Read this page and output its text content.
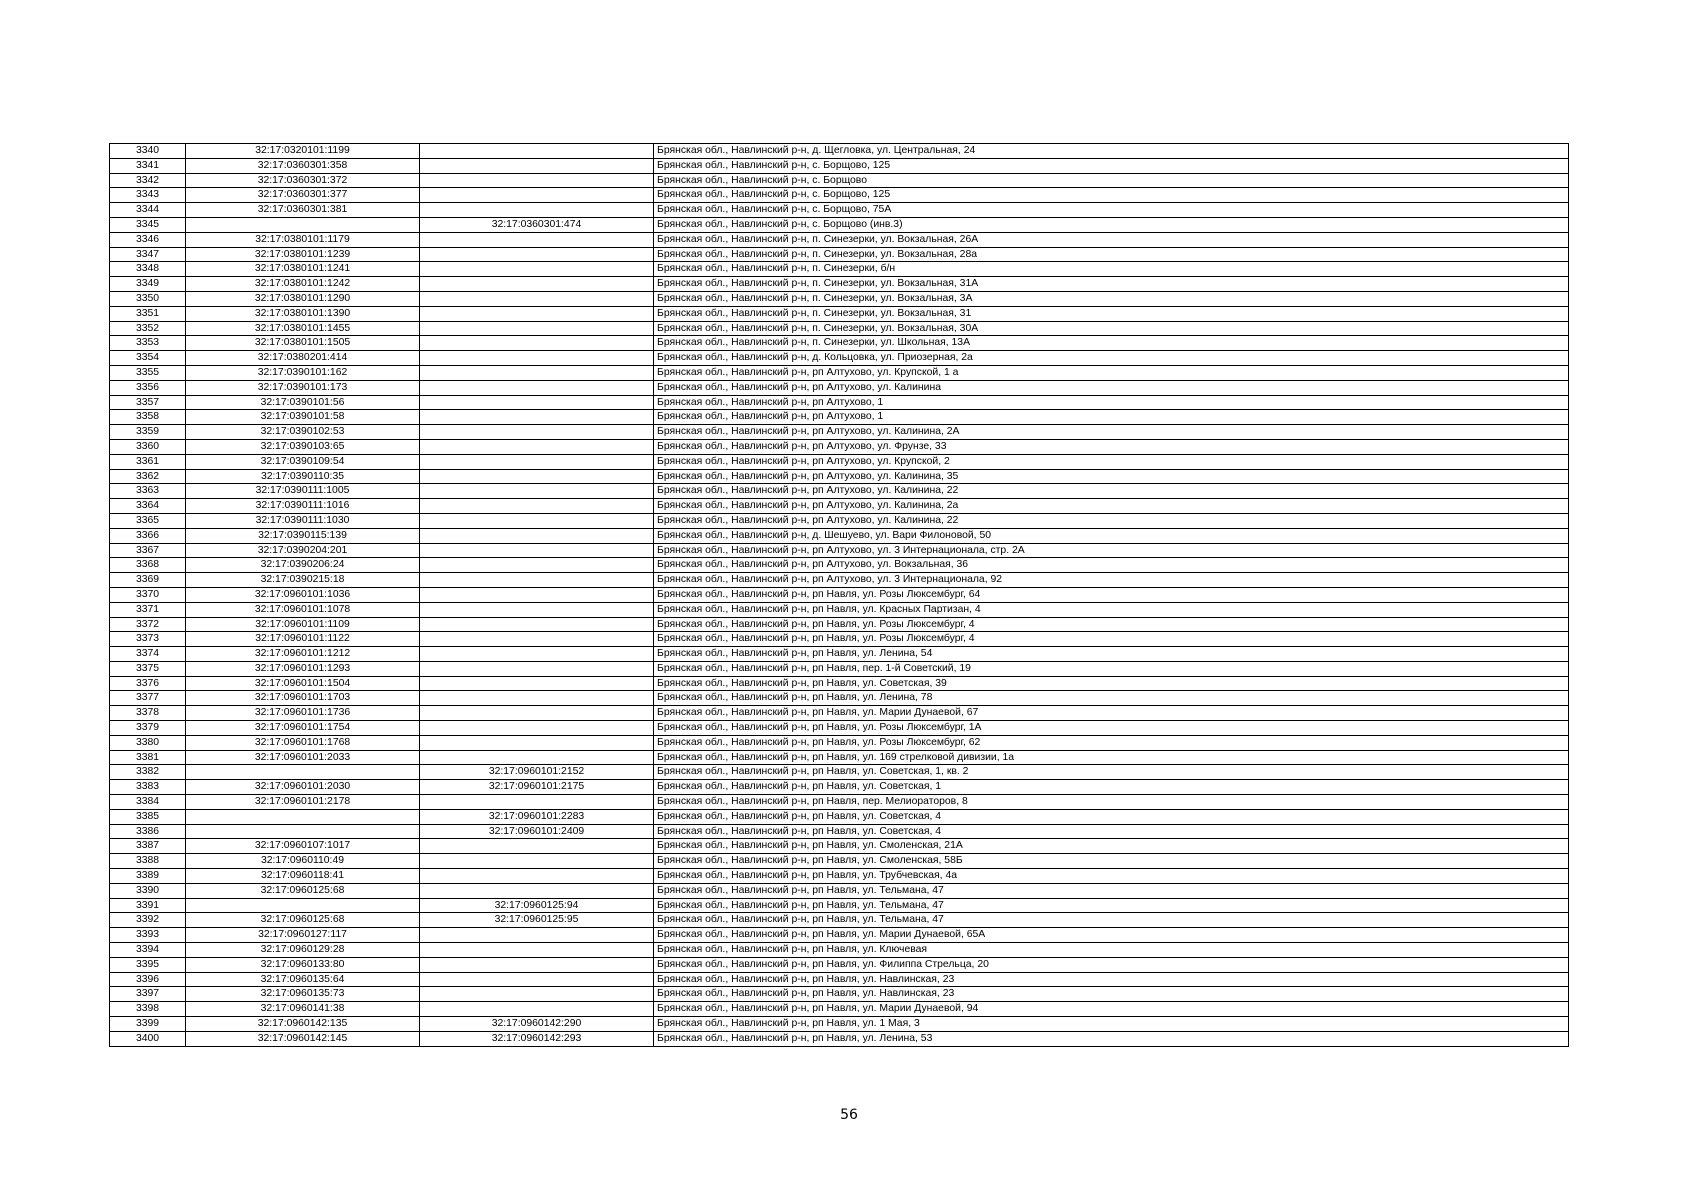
3340	32:17:0320101:1199		Брянская обл., Навлинский р-н, д. Щегловка, ул. Центральная, 24
3341	32:17:0360301:358		Брянская обл., Навлинский р-н, с. Борщово, 125
3342	32:17:0360301:372		Брянская обл., Навлинский р-н, с. Борщово
3343	32:17:0360301:377		Брянская обл., Навлинский р-н, с. Борщово, 125
3344	32:17:0360301:381		Брянская обл., Навлинский р-н, с. Борщово, 75А
3345		32:17:0360301:474	Брянская обл., Навлинский р-н, с. Борщово (инв.3)
3346	32:17:0380101:1179		Брянская обл., Навлинский р-н, п. Синезерки, ул. Вокзальная, 26А
3347	32:17:0380101:1239		Брянская обл., Навлинский р-н, п. Синезерки, ул. Вокзальная, 28а
3348	32:17:0380101:1241		Брянская обл., Навлинский р-н, п. Синезерки, б/н
3349	32:17:0380101:1242		Брянская обл., Навлинский р-н, п. Синезерки, ул. Вокзальная, 31А
3350	32:17:0380101:1290		Брянская обл., Навлинский р-н, п. Синезерки, ул. Вокзальная, 3А
3351	32:17:0380101:1390		Брянская обл., Навлинский р-н, п. Синезерки, ул. Вокзальная, 31
3352	32:17:0380101:1455		Брянская обл., Навлинский р-н, п. Синезерки, ул. Вокзальная, 30А
3353	32:17:0380101:1505		Брянская обл., Навлинский р-н, п. Синезерки, ул. Школьная, 13А
3354	32:17:0380201:414		Брянская обл., Навлинский р-н, д. Кольцовка, ул. Приозерная, 2а
3355	32:17:0390101:162		Брянская обл., Навлинский р-н, рп Алтухово, ул. Крупской, 1 а
3356	32:17:0390101:173		Брянская обл., Навлинский р-н, рп Алтухово, ул. Калинина
3357	32:17:0390101:56		Брянская обл., Навлинский р-н, рп Алтухово, 1
3358	32:17:0390101:58		Брянская обл., Навлинский р-н, рп Алтухово, 1
3359	32:17:0390102:53		Брянская обл., Навлинский р-н, рп Алтухово, ул. Калинина, 2А
3360	32:17:0390103:65		Брянская обл., Навлинский р-н, рп Алтухово, ул. Фрунзе, 33
3361	32:17:0390109:54		Брянская обл., Навлинский р-н, рп Алтухово, ул. Крупской, 2
3362	32:17:0390110:35		Брянская обл., Навлинский р-н, рп Алтухово, ул. Калинина, 35
3363	32:17:0390111:1005		Брянская обл., Навлинский р-н, рп Алтухово, ул. Калинина, 22
3364	32:17:0390111:1016		Брянская обл., Навлинский р-н, рп Алтухово, ул. Калинина, 2а
3365	32:17:0390111:1030		Брянская обл., Навлинский р-н, рп Алтухово, ул. Калинина, 22
3366	32:17:0390115:139		Брянская обл., Навлинский р-н, д. Шешуево, ул. Вари Филоновой, 50
3367	32:17:0390204:201		Брянская обл., Навлинский р-н, рп Алтухово, ул. 3 Интернационала, стр. 2А
3368	32:17:0390206:24		Брянская обл., Навлинский р-н, рп Алтухово, ул. Вокзальная, 36
3369	32:17:0390215:18		Брянская обл., Навлинский р-н, рп Алтухово, ул. 3 Интернационала, 92
3370	32:17:0960101:1036		Брянская обл., Навлинский р-н, рп Навля, ул. Розы Люксембург, 64
3371	32:17:0960101:1078		Брянская обл., Навлинский р-н, рп Навля, ул. Красных Партизан, 4
3372	32:17:0960101:1109		Брянская обл., Навлинский р-н, рп Навля, ул. Розы Люксембург, 4
3373	32:17:0960101:1122		Брянская обл., Навлинский р-н, рп Навля, ул. Розы Люксембург, 4
3374	32:17:0960101:1212		Брянская обл., Навлинский р-н, рп Навля, ул. Ленина, 54
3375	32:17:0960101:1293		Брянская обл., Навлинский р-н, рп Навля, пер. 1-й Советский, 19
3376	32:17:0960101:1504		Брянская обл., Навлинский р-н, рп Навля, ул. Советская, 39
3377	32:17:0960101:1703		Брянская обл., Навлинский р-н, рп Навля, ул. Ленина, 78
3378	32:17:0960101:1736		Брянская обл., Навлинский р-н, рп Навля, ул. Марии Дунаевой, 67
3379	32:17:0960101:1754		Брянская обл., Навлинский р-н, рп Навля, ул. Розы Люксембург, 1А
3380	32:17:0960101:1768		Брянская обл., Навлинский р-н, рп Навля, ул. Розы Люксембург, 62
3381	32:17:0960101:2033		Брянская обл., Навлинский р-н, рп Навля, ул. 169 стрелковой дивизии, 1а
3382		32:17:0960101:2152	Брянская обл., Навлинский р-н, рп Навля, ул. Советская, 1, кв. 2
3383	32:17:0960101:2030	32:17:0960101:2175	Брянская обл., Навлинский р-н, рп Навля, ул. Советская, 1
3384	32:17:0960101:2178		Брянская обл., Навлинский р-н, рп Навля, пер. Мелиораторов, 8
3385		32:17:0960101:2283	Брянская обл., Навлинский р-н, рп Навля, ул. Советская, 4
3386		32:17:0960101:2409	Брянская обл., Навлинский р-н, рп Навля, ул. Советская, 4
3387	32:17:0960107:1017		Брянская обл., Навлинский р-н, рп Навля, ул. Смоленская, 21А
3388	32:17:0960110:49		Брянская обл., Навлинский р-н, рп Навля, ул. Смоленская, 58Б
3389	32:17:0960118:41		Брянская обл., Навлинский р-н, рп Навля, ул. Трубчевская, 4а
3390	32:17:0960125:68		Брянская обл., Навлинский р-н, рп Навля, ул. Тельмана, 47
3391		32:17:0960125:94	Брянская обл., Навлинский р-н, рп Навля, ул. Тельмана, 47
3392	32:17:0960125:68	32:17:0960125:95	Брянская обл., Навлинский р-н, рп Навля, ул. Тельмана, 47
3393	32:17:0960127:117		Брянская обл., Навлинский р-н, рп Навля, ул. Марии Дунаевой, 65А
3394	32:17:0960129:28		Брянская обл., Навлинский р-н, рп Навля, ул. Ключевая
3395	32:17:0960133:80		Брянская обл., Навлинский р-н, рп Навля, ул. Филиппа Стрельца, 20
3396	32:17:0960135:64		Брянская обл., Навлинский р-н, рп Навля, ул. Навлинская, 23
3397	32:17:0960135:73		Брянская обл., Навлинский р-н, рп Навля, ул. Навлинская, 23
3398	32:17:0960141:38		Брянская обл., Навлинский р-н, рп Навля, ул. Марии Дунаевой, 94
3399	32:17:0960142:135	32:17:0960142:290	Брянская обл., Навлинский р-н, рп Навля, ул. 1 Мая, 3
3400	32:17:0960142:145	32:17:0960142:293	Брянская обл., Навлинский р-н, рп Навля, ул. Ленина, 53
56
